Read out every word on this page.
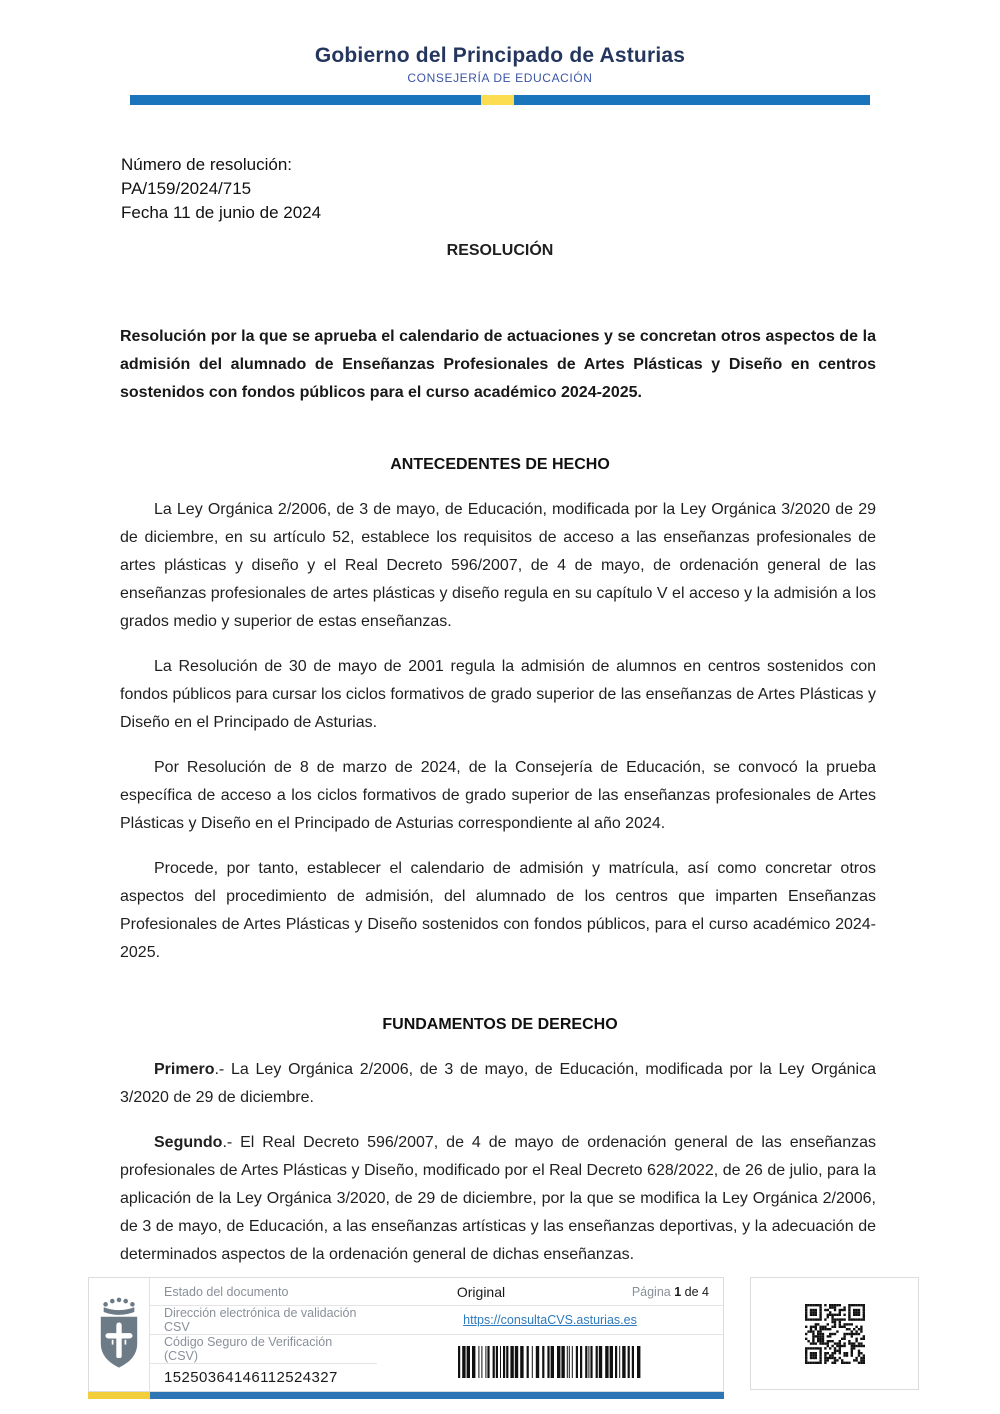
Gobierno del Principado de Asturias
CONSEJERÍA DE EDUCACIÓN
Número de resolución:
PA/159/2024/715
Fecha 11 de junio de 2024
RESOLUCIÓN
Resolución por la que se aprueba el calendario de actuaciones y se concretan otros aspectos de la admisión del alumnado de Enseñanzas Profesionales de Artes Plásticas y Diseño en centros sostenidos con fondos públicos para el curso académico 2024-2025.
ANTECEDENTES DE HECHO

La Ley Orgánica 2/2006, de 3 de mayo, de Educación, modificada por la Ley Orgánica 3/2020 de 29 de diciembre, en su artículo 52, establece los requisitos de acceso a las enseñanzas profesionales de artes plásticas y diseño y el Real Decreto 596/2007, de 4 de mayo, de ordenación general de las enseñanzas profesionales de artes plásticas y diseño regula en su capítulo V el acceso y la admisión a los grados medio y superior de estas enseñanzas.

La Resolución de 30 de mayo de 2001 regula la admisión de alumnos en centros sostenidos con fondos públicos para cursar los ciclos formativos de grado superior de las enseñanzas de Artes Plásticas y Diseño en el Principado de Asturias.

Por Resolución de 8 de marzo de 2024, de la Consejería de Educación, se convocó la prueba específica de acceso a los ciclos formativos de grado superior de las enseñanzas profesionales de Artes Plásticas y Diseño en el Principado de Asturias correspondiente al año 2024.

Procede, por tanto, establecer el calendario de admisión y matrícula, así como concretar otros aspectos del procedimiento de admisión, del alumnado de los centros que imparten Enseñanzas Profesionales de Artes Plásticas y Diseño sostenidos con fondos públicos, para el curso académico 2024- 2025.

FUNDAMENTOS DE DERECHO

Primero.- La Ley Orgánica 2/2006, de 3 de mayo, de Educación, modificada por la Ley Orgánica 3/2020 de 29 de diciembre.

Segundo.- El Real Decreto 596/2007, de 4 de mayo de ordenación general de las enseñanzas profesionales de Artes Plásticas y Diseño, modificado por el Real Decreto 628/2022, de 26 de julio, para la aplicación de la Ley Orgánica 3/2020, de 29 de diciembre, por la que se modifica la Ley Orgánica 2/2006, de 3 de mayo, de Educación, a las enseñanzas artísticas y las enseñanzas deportivas, y la adecuación de determinados aspectos de la ordenación general de dichas enseñanzas.

Estado del documento	Original	Página 1 de 4
Dirección electrónica de validación CSV	https://consultaCVS.asturias.es	
Código Seguro de Verificación (CSV)	
15250364146112524327		
